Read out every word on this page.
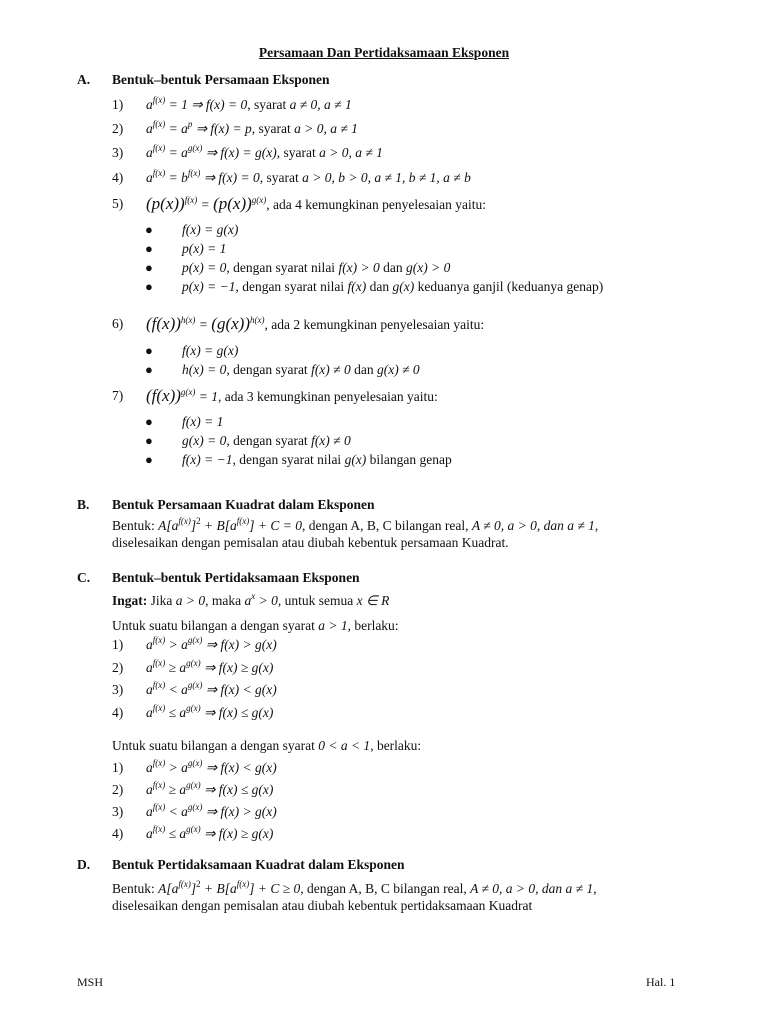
Persamaan Dan Pertidaksamaan Eksponen
A. Bentuk–bentuk Persamaan Eksponen
1) $a^{f(x)} = 1$ ⇒ f(x) = 0, syarat a ≠ 0, a ≠ 1
2) $a^{f(x)} = a^p$ ⇒ f(x) = p, syarat a > 0, a ≠ 1
3) $a^{f(x)} = a^{g(x)}$ ⇒ f(x) = g(x), syarat a > 0, a ≠ 1
4) $a^{f(x)} = b^{f(x)}$ ⇒ f(x) = 0, syarat a > 0, b > 0, a ≠ 1, b ≠ 1, a ≠ b
5) $(p(x))^{f(x)} = (p(x))^{g(x)}$, ada 4 kemungkinan penyelesaian yaitu:
● f(x) = g(x)
● p(x) = 1
● p(x) = 0, dengan syarat nilai f(x) > 0 dan g(x) > 0
● p(x) = −1, dengan syarat nilai f(x) dan g(x) keduanya ganjil (keduanya genap)
6) $(f(x))^{h(x)} = (g(x))^{h(x)}$, ada 2 kemungkinan penyelesaian yaitu:
● f(x) = g(x)
● h(x) = 0, dengan syarat f(x) ≠ 0 dan g(x) ≠ 0
7) $(f(x))^{g(x)} = 1$, ada 3 kemungkinan penyelesaian yaitu:
● f(x) = 1
● g(x) = 0, dengan syarat f(x) ≠ 0
● f(x) = −1, dengan syarat nilai g(x) bilangan genap
B. Bentuk Persamaan Kuadrat dalam Eksponen
Bentuk: $A[a^{f(x)}]^2 + B[a^{f(x)}] + C = 0$, dengan A, B, C bilangan real, A ≠ 0, a > 0, dan a ≠ 1,
diselesaikan dengan pemisalan atau diubah kebentuk persamaan Kuadrat.
C. Bentuk–bentuk Pertidaksamaan Eksponen
Ingat: Jika a > 0, maka $a^x > 0$, untuk semua x ∈ R
Untuk suatu bilangan a dengan syarat a > 1, berlaku:
1) $a^{f(x)} > a^{g(x)}$ ⇒ f(x) > g(x)
2) $a^{f(x)} \ge a^{g(x)}$ ⇒ f(x) ≥ g(x)
3) $a^{f(x)} < a^{g(x)}$ ⇒ f(x) < g(x)
4) $a^{f(x)} \le a^{g(x)}$ ⇒ f(x) ≤ g(x)
Untuk suatu bilangan a dengan syarat 0 < a < 1, berlaku:
1) $a^{f(x)} > a^{g(x)}$ ⇒ f(x) < g(x)
2) $a^{f(x)} \ge a^{g(x)}$ ⇒ f(x) ≤ g(x)
3) $a^{f(x)} < a^{g(x)}$ ⇒ f(x) > g(x)
4) $a^{f(x)} \le a^{g(x)}$ ⇒ f(x) ≥ g(x)
D. Bentuk Pertidaksamaan Kuadrat dalam Eksponen
Bentuk: $A[a^{f(x)}]^2 + B[a^{f(x)}] + C \ge 0$, dengan A, B, C bilangan real, A ≠ 0, a > 0, dan a ≠ 1,
diselesaikan dengan pemisalan atau diubah kebentuk pertidaksamaan Kuadrat
MSH	Hal. 1
